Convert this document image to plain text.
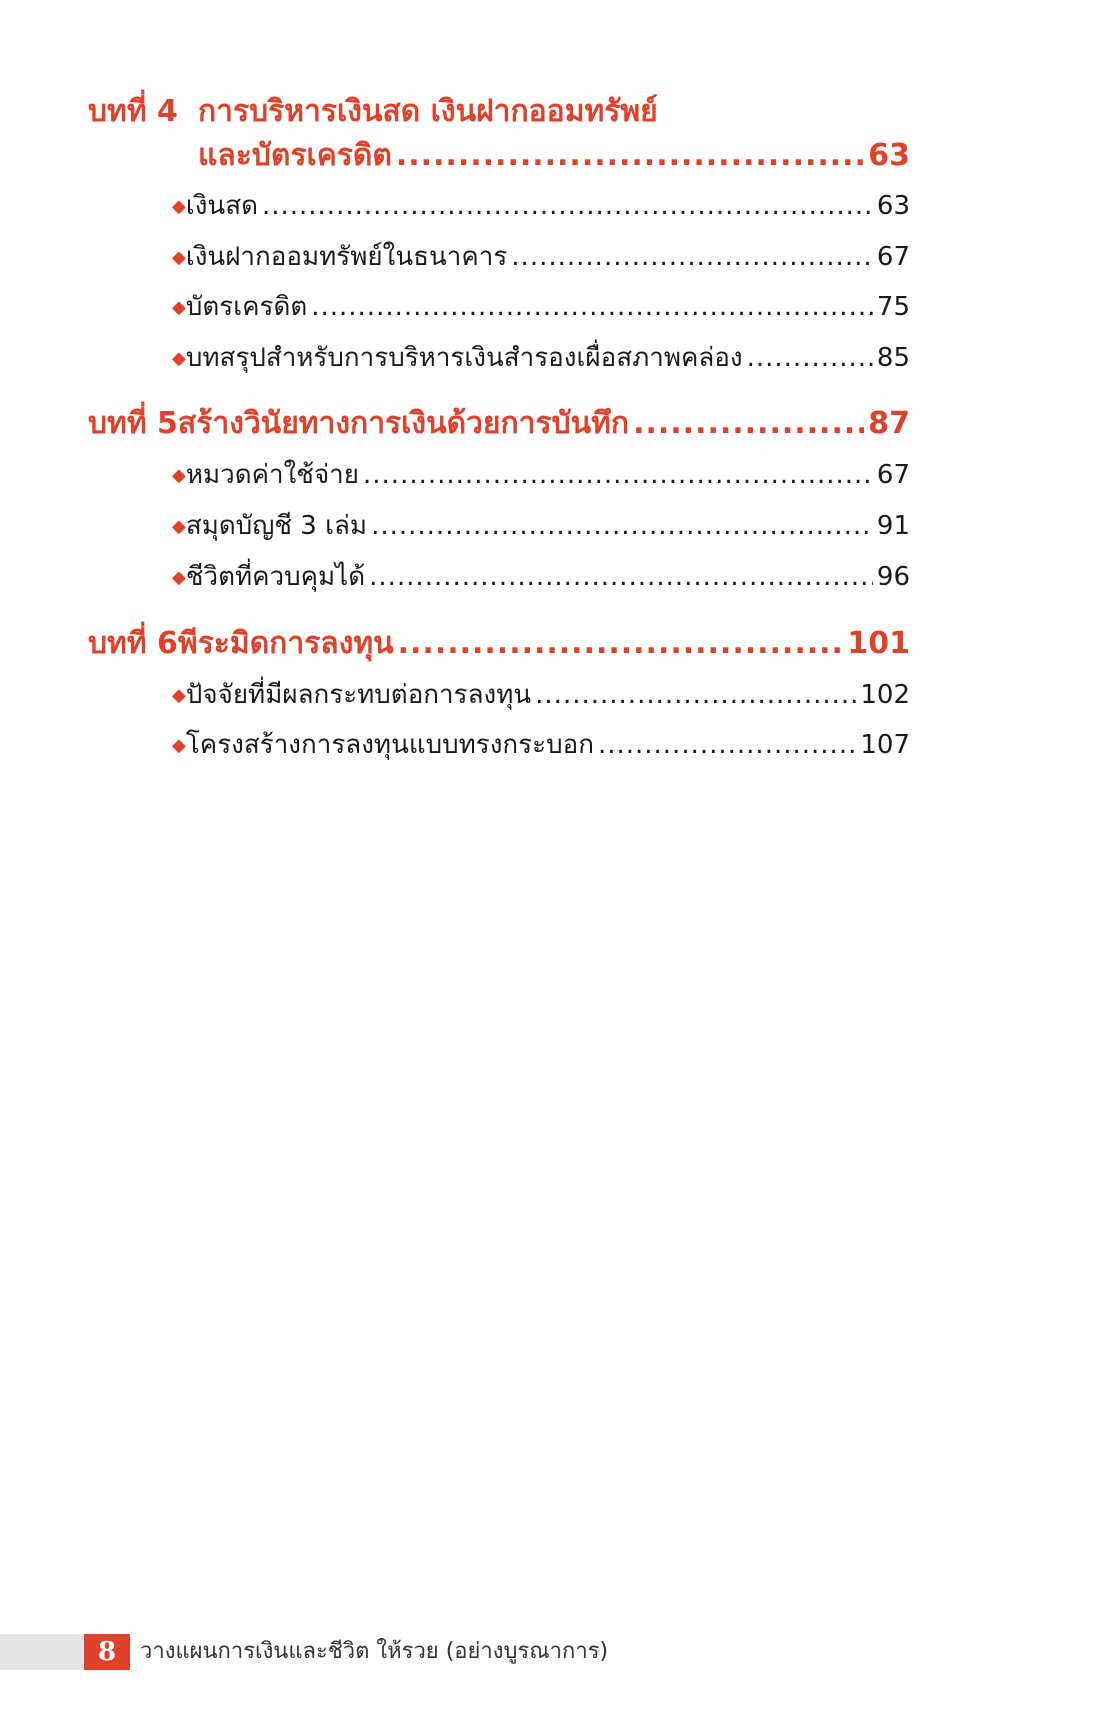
บทที่ 4 การบริหารเงินสด เงินฝากออมทรัพย์
และบัตรเครดิต .....	63
◆ เงินสด .....	63
◆ เงินฝากออมทรัพย์ในธนาคาร .....	67
◆ บัตรเครดิต .....	75
◆ บทสรุปสำหรับการบริหารเงินสำรองเผื่อสภาพคล่อง .....	85
บทที่ 5 สร้างวินัยทางการเงินด้วยการบันทึก .....	87
◆ หมวดค่าใช้จ่าย .....	67
◆ สมุดบัญชี 3 เล่ม .....	91
◆ ชีวิตที่ควบคุมได้ .....	96
บทที่ 6 พีระมิดการลงทุน .....	101
◆ ปัจจัยที่มีผลกระทบต่อการลงทุน .....	102
◆ โครงสร้างการลงทุนแบบทรงกระบอก .....	107
8	วางแผนการเงินและชีวิต ให้รวย (อย่างบูรณาการ)
